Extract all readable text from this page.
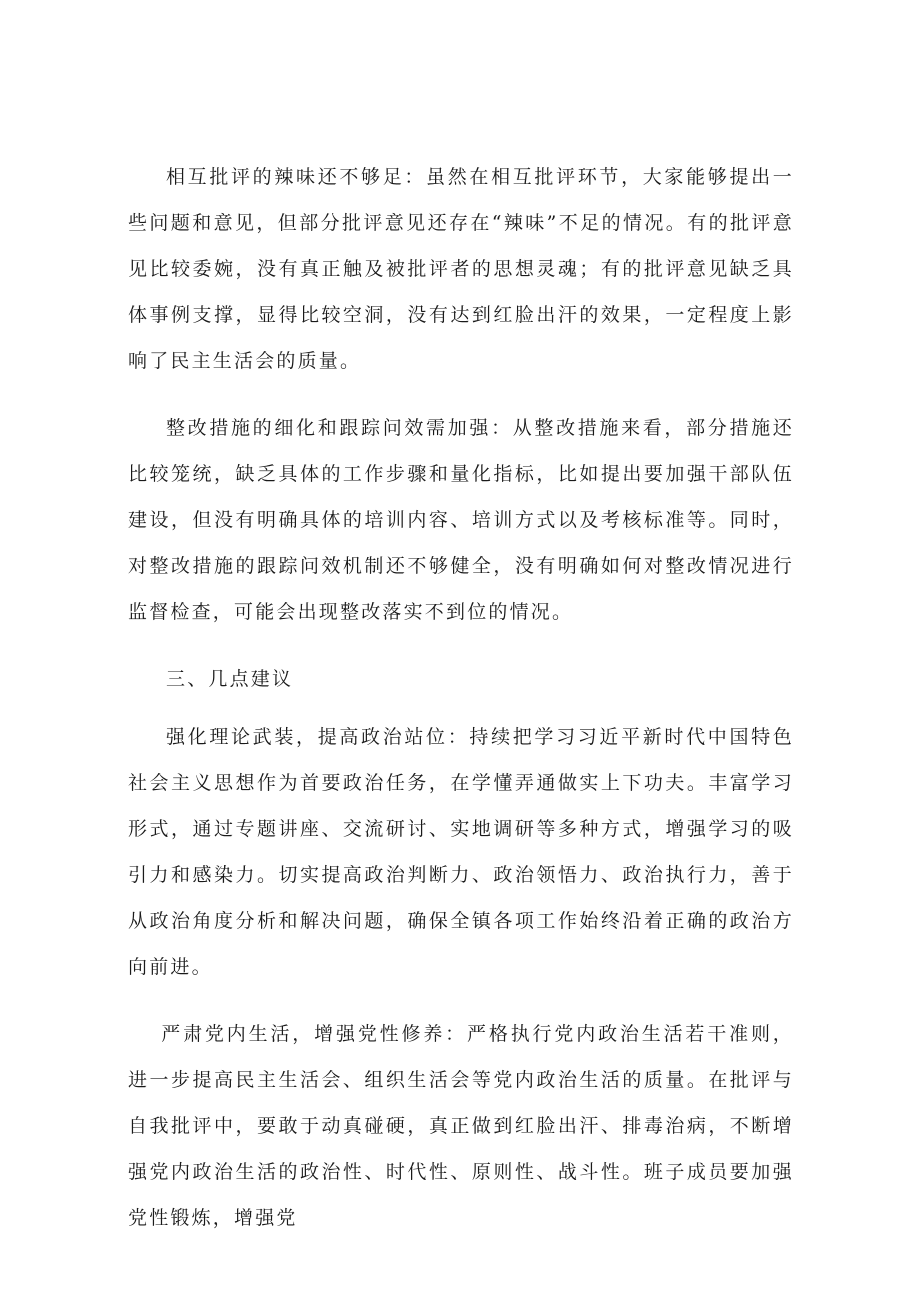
相互批评的辣味还不够足：虽然在相互批评环节，大家能够提出一些问题和意见，但部分批评意见还存在“辣味”不足的情况。有的批评意见比较委婉，没有真正触及被批评者的思想灵魂；有的批评意见缺乏具体事例支撑，显得比较空洞，没有达到红脸出汗的效果，一定程度上影响了民主生活会的质量。

整改措施的细化和跟踪问效需加强：从整改措施来看，部分措施还比较笼统，缺乏具体的工作步骤和量化指标，比如提出要加强干部队伍建设，但没有明确具体的培训内容、培训方式以及考核标准等。同时，对整改措施的跟踪问效机制还不够健全，没有明确如何对整改情况进行监督检查，可能会出现整改落实不到位的情况。

三、几点建议

强化理论武装，提高政治站位：持续把学习习近平新时代中国特色社会主义思想作为首要政治任务，在学懂弄通做实上下功夫。丰富学习形式，通过专题讲座、交流研讨、实地调研等多种方式，增强学习的吸引力和感染力。切实提高政治判断力、政治领悟力、政治执行力，善于从政治角度分析和解决问题，确保全镇各项工作始终沿着正确的政治方向前进。

严肃党内生活，增强党性修养：严格执行党内政治生活若干准则，进一步提高民主生活会、组织生活会等党内政治生活的质量。在批评与自我批评中，要敢于动真碰硬，真正做到红脸出汗、排毒治病，不断增强党内政治生活的政治性、时代性、原则性、战斗性。班子成员要加强党性锻炼，增强党
